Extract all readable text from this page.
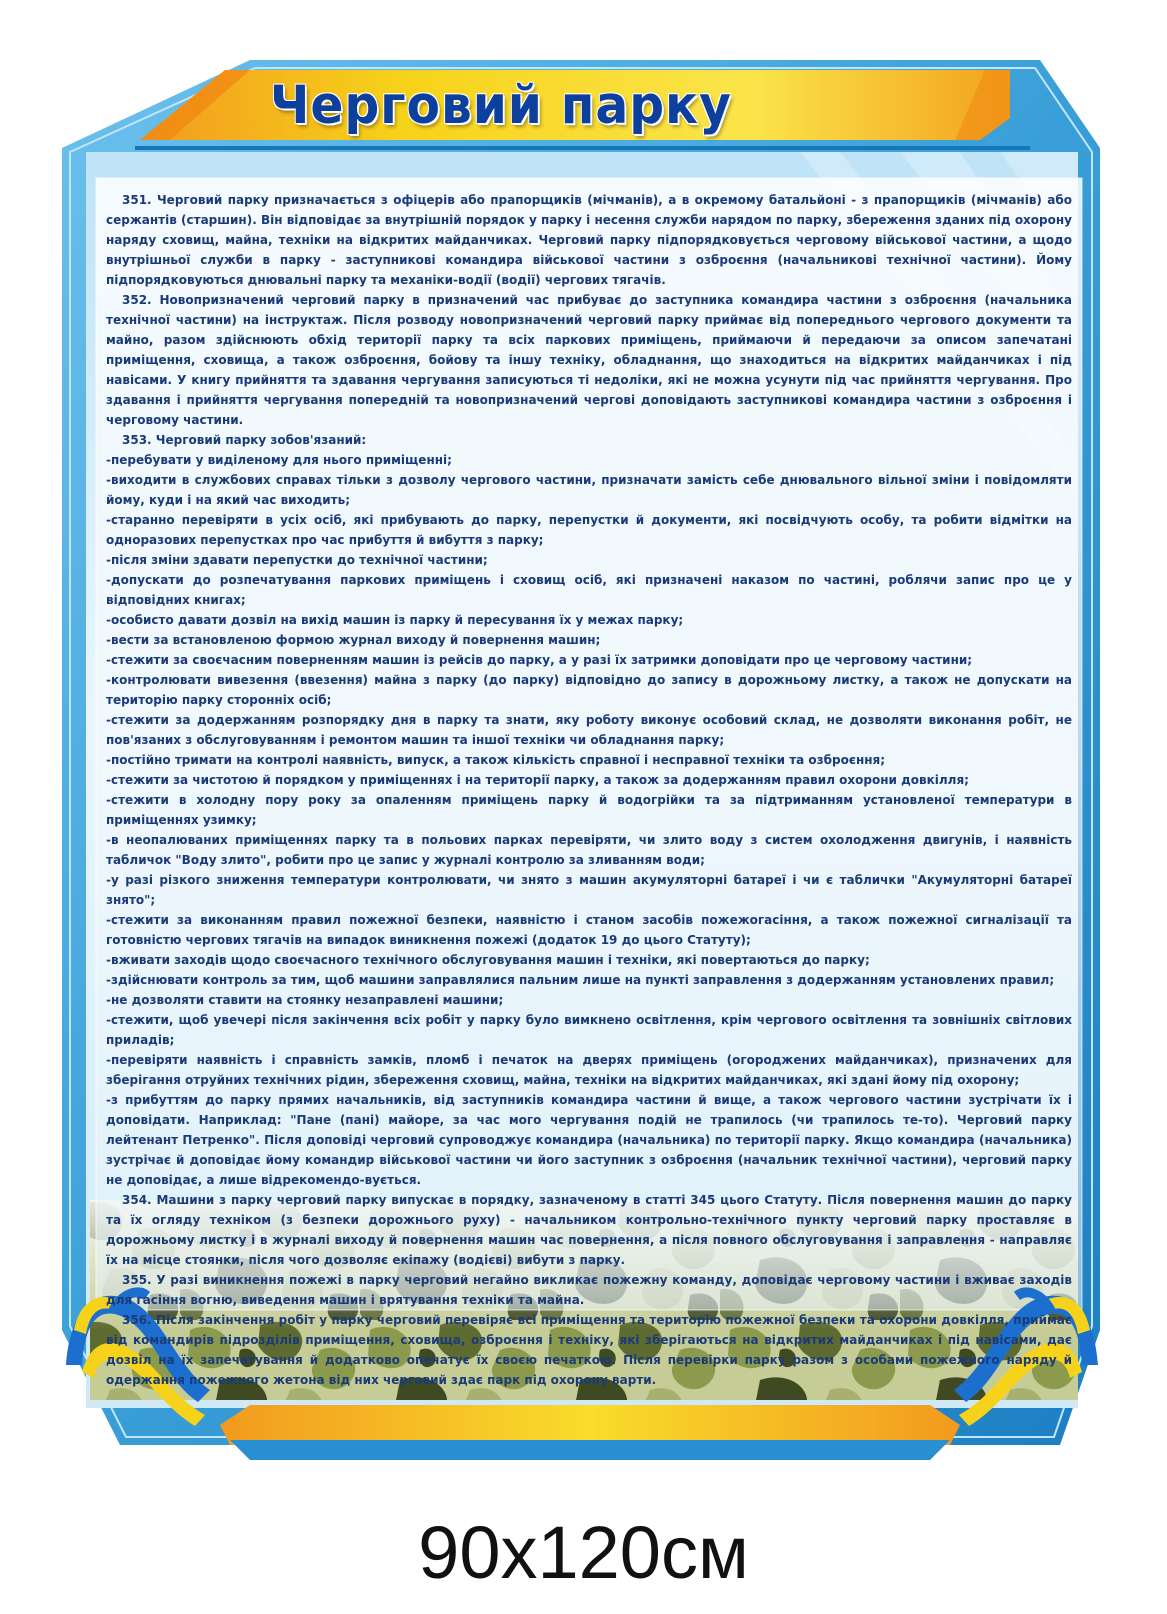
Черговий парку

351. Черговий парку призначається з офіцерів або прапорщиків (мічманів), а в окремому батальйоні - з прапорщиків (мічманів) або сержантів (старшин). Він відповідає за внутрішній порядок у парку і несення служби нарядом по парку, збереження зданих під охорону наряду сховищ, майна, техніки на відкритих майданчиках. Черговий парку підпорядковується черговому військової частини, а щодо внутрішньої служби в парку - заступникові командира військової частини з озброєння (начальникові технічної частини). Йому підпорядковуються днювальні парку та механіки-водії (водії) чергових тягачів.

352. Новопризначений черговий парку в призначений час прибуває до заступника командира частини з озброєння (начальника технічної частини) на інструктаж. Після розводу новопризначений черговий парку приймає від попереднього чергового документи та майно, разом здійснюють обхід території парку та всіх паркових приміщень, приймаючи й передаючи за описом запечатані приміщення, сховища, а також озброєння, бойову та іншу техніку, обладнання, що знаходиться на відкритих майданчиках і під навісами. У книгу прийняття та здавання чергування записуються ті недоліки, які не можна усунути під час прийняття чергування. Про здавання і прийняття чергування попередній та новопризначений чергові доповідають заступникові командира частини з озброєння і черговому частини.

353. Черговий парку зобов'язаний:

-перебувати у виділеному для нього приміщенні;

-виходити в службових справах тільки з дозволу чергового частини, призначати замість себе днювального вільної зміни і повідомляти йому, куди і на який час виходить;

-старанно перевіряти в усіх осіб, які прибувають до парку, перепустки й документи, які посвідчують особу, та робити відмітки на одноразових перепустках про час прибуття й вибуття з парку;

-після зміни здавати перепустки до технічної частини;

-допускати до розпечатування паркових приміщень і сховищ осіб, які призначені наказом по частині, роблячи запис про це у відповідних книгах;

-особисто давати дозвіл на вихід машин із парку й пересування їх у межах парку;

-вести за встановленою формою журнал виходу й повернення машин;

-стежити за своєчасним поверненням машин із рейсів до парку, а у разі їх затримки доповідати про це черговому частини;

-контролювати вивезення (ввезення) майна з парку (до парку) відповідно до запису в дорожньому листку, а також не допускати на територію парку сторонніх осіб;

-стежити за додержанням розпорядку дня в парку та знати, яку роботу виконує особовий склад, не дозволяти виконання робіт, не пов'язаних з обслуговуванням і ремонтом машин та іншої техніки чи обладнання парку;

-постійно тримати на контролі наявність, випуск, а також кількість справної і несправної техніки та озброєння;

-стежити за чистотою й порядком у приміщеннях і на території парку, а також за додержанням правил охорони довкілля;

-стежити в холодну пору року за опаленням приміщень парку й водогрійки та за підтриманням установленої температури в приміщеннях узимку;

-в неопалюваних приміщеннях парку та в польових парках перевіряти, чи злито воду з систем охолодження двигунів, і наявність табличок "Воду злито", робити про це запис у журналі контролю за зливанням води;

-у разі різкого зниження температури контролювати, чи знято з машин акумуляторні батареї і чи є таблички "Акумуляторні батареї знято";

-стежити за виконанням правил пожежної безпеки, наявністю і станом засобів пожежогасіння, а також пожежної сигналізації та готовністю чергових тягачів на випадок виникнення пожежі (додаток 19 до цього Статуту);

-вживати заходів щодо своєчасного технічного обслуговування машин і техніки, які повертаються до парку;

-здійснювати контроль за тим, щоб машини заправлялися пальним лише на пункті заправлення з додержанням установлених правил;

-не дозволяти ставити на стоянку незаправлені машини;

-стежити, щоб увечері після закінчення всіх робіт у парку було вимкнено освітлення, крім чергового освітлення та зовнішніх світлових приладів;

-перевіряти наявність і справність замків, пломб і печаток на дверях приміщень (огороджених майданчиках), призначених для зберігання отруйних технічних рідин, збереження сховищ, майна, техніки на відкритих майданчиках, які здані йому під охорону;

-з прибуттям до парку прямих начальників, від заступників командира частини й вище, а також чергового частини зустрічати їх і доповідати. Наприклад: "Пане (пані) майоре, за час мого чергування подій не трапилось (чи трапилось те-то). Черговий парку лейтенант Петренко". Після доповіді черговий супроводжує командира (начальника) по території парку. Якщо командира (начальника) зустрічає й доповідає йому командир військової частини чи його заступник з озброєння (начальник технічної частини), черговий парку не доповідає, а лише відрекомендо-вується.

354. Машини з парку черговий парку випускає в порядку, зазначеному в статті 345 цього Статуту. Після повернення машин до парку та їх огляду техніком (з безпеки дорожнього руху) - начальником контрольно-технічного пункту черговий парку проставляє в дорожньому листку і в журналі виходу й повернення машин час повернення, а після повного обслуговування і заправлення - направляє їх на місце стоянки, після чого дозволяє екіпажу (водієві) вибути з парку.

355. У разі виникнення пожежі в парку черговий негайно викликає пожежну команду, доповідає черговому частини і вживає заходів для гасіння вогню, виведення машин і врятування техніки та майна.

356. Після закінчення робіт у парку черговий перевіряє всі приміщення та територію пожежної безпеки та охорони довкілля, приймає від командирів підрозділів приміщення, сховища, озброєння і техніку, які зберігаються на відкритих майданчиках і під навісами, дає дозвіл на їх запечатування й додатково опечатує їх своєю печаткою. Після перевірки парку разом з особами пожежного наряду й одержання пожежного жетона від них черговий здає парк під охорону варти.

90x120см
